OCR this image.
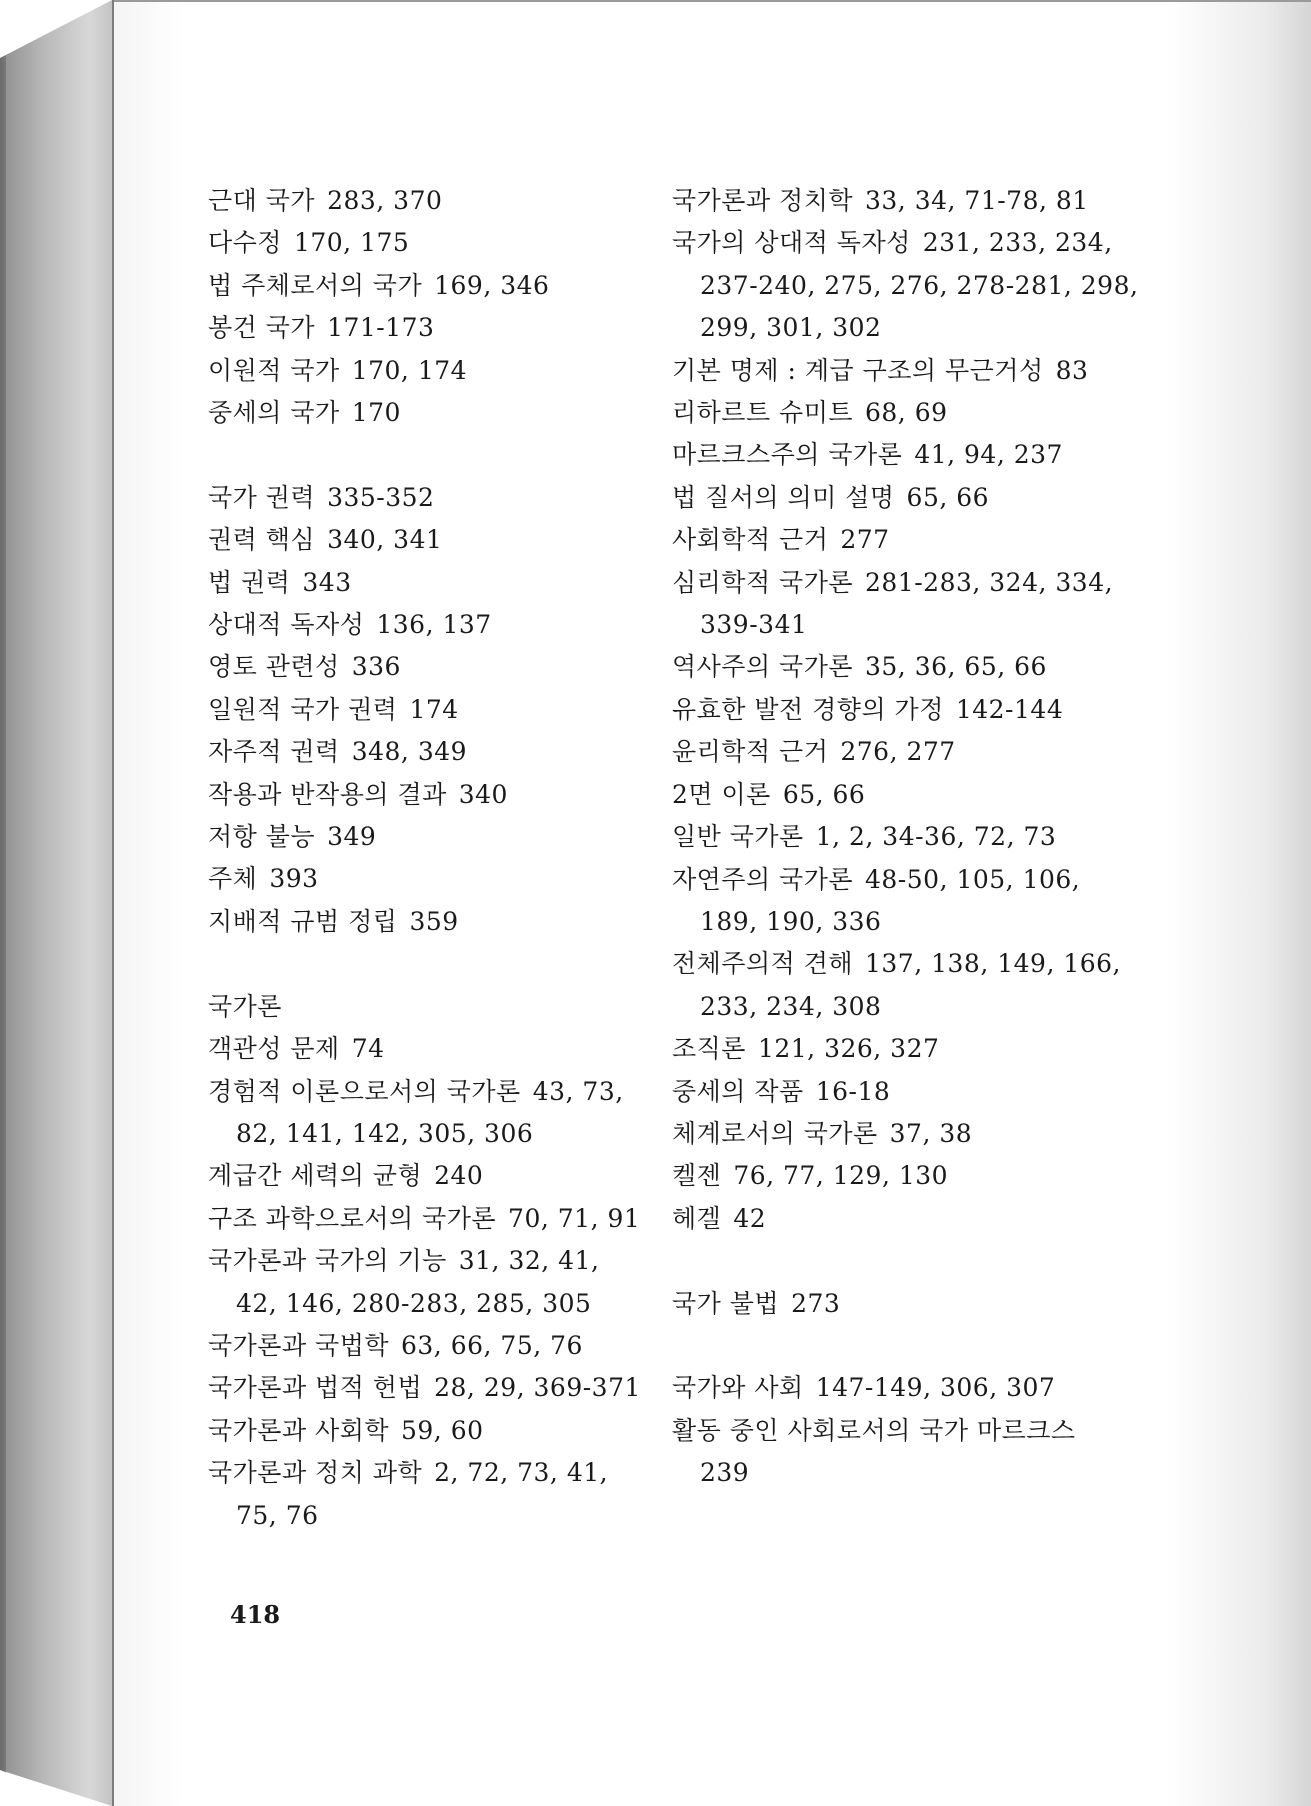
근대 국가 283, 370
다수정 170, 175
법 주체로서의 국가 169, 346
봉건 국가 171-173
이원적 국가 170, 174
중세의 국가 170
국가 권력 335-352
권력 핵심 340, 341
법 권력 343
상대적 독자성 136, 137
영토 관련성 336
일원적 국가 권력 174
자주적 권력 348, 349
작용과 반작용의 결과 340
저항 불능 349
주체 393
지배적 규범 정립 359
국가론
객관성 문제 74
경험적 이론으로서의 국가론 43, 73,
82, 141, 142, 305, 306
계급간 세력의 균형 240
구조 과학으로서의 국가론 70, 71, 91
국가론과 국가의 기능 31, 32, 41,
42, 146, 280-283, 285, 305
국가론과 국법학 63, 66, 75, 76
국가론과 법적 헌법 28, 29, 369-371
국가론과 사회학 59, 60
국가론과 정치 과학 2, 72, 73, 41,
75, 76
국가론과 정치학 33, 34, 71-78, 81
국가의 상대적 독자성 231, 233, 234,
237-240, 275, 276, 278-281, 298,
299, 301, 302
기본 명제 : 계급 구조의 무근거성 83
리하르트 슈미트 68, 69
마르크스주의 국가론 41, 94, 237
법 질서의 의미 설명 65, 66
사회학적 근거 277
심리학적 국가론 281-283, 324, 334,
339-341
역사주의 국가론 35, 36, 65, 66
유효한 발전 경향의 가정 142-144
윤리학적 근거 276, 277
2면 이론 65, 66
일반 국가론 1, 2, 34-36, 72, 73
자연주의 국가론 48-50, 105, 106,
189, 190, 336
전체주의적 견해 137, 138, 149, 166,
233, 234, 308
조직론 121, 326, 327
중세의 작품 16-18
체계로서의 국가론 37, 38
켈젠 76, 77, 129, 130
헤겔 42
국가 불법 273
국가와 사회 147-149, 306, 307
활동 중인 사회로서의 국가 마르크스
239
418
